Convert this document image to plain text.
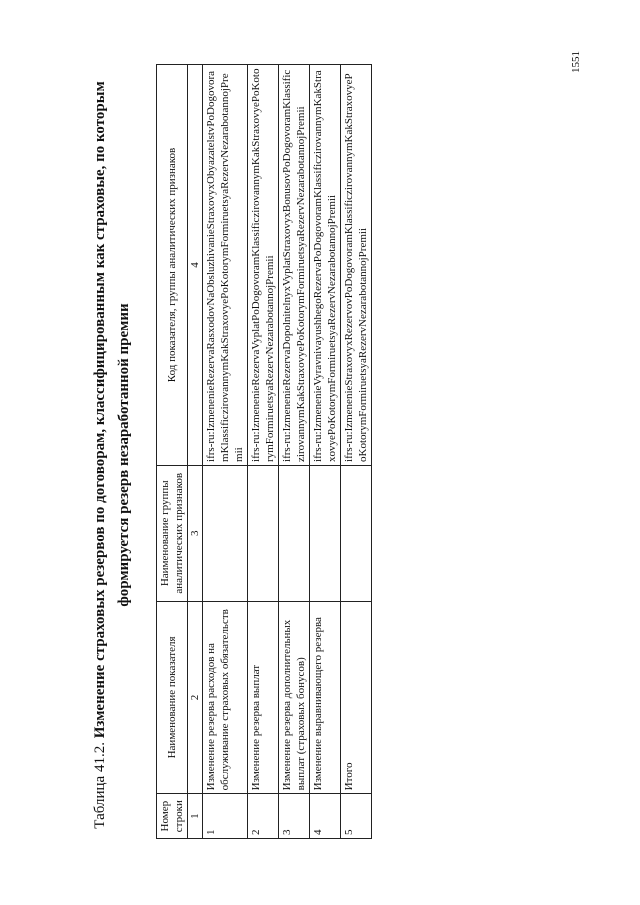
Таблица 41.2. Изменение страховых резервов по договорам, классифицированным как страховые, по которым формируется резерв незаработанной премии
Номер строки	Наименование показателя	Наименование группы аналитических признаков	Код показателя, группы аналитических признаков
1	2	3	4
1	Изменение резерва расходов на обслуживание страховых обязательств		ifrs-ru:IzmenenieRezervaRasxodovNaObsluzhivanieStraxovyxObyazatelstvPoDogovoramKlassificzirovannymKakStraxovyePoKotorymFormiruetsyaRezervNezarabotannojPremii
2	Изменение резерва выплат		ifrs-ru:IzmenenieRezervaVyplatPoDogovoramKlassificzirovannymKakStraxovyePoKotorymFormiruetsyaRezervNezarabotannojPremii
3	Изменение резерва дополнительных выплат (страховых бонусов)		ifrs-ru:IzmenenieRezervaDopolnitelnyxVyplatStraxovyxBonusovPoDogovoramKlassificzirovannymKakStraxovyePoKotorymFormiruetsyaRezervNezarabotannojPremii
4	Изменение выравнивающего резерва		ifrs-ru:IzmenenieVyravnivayushhegoRezervaPoDogovoramKlassificzirovannymKakStraxovyePoKotorymFormiruetsyaRezervNezarabotannojPremii
5	Итого		ifrs-ru:IzmenenieStraxovyxRezervovPoDogovoramKlassificzirovannymKakStraxovyePoKotorymFormiruetsyaRezervNezarabotannojPremii
1551
